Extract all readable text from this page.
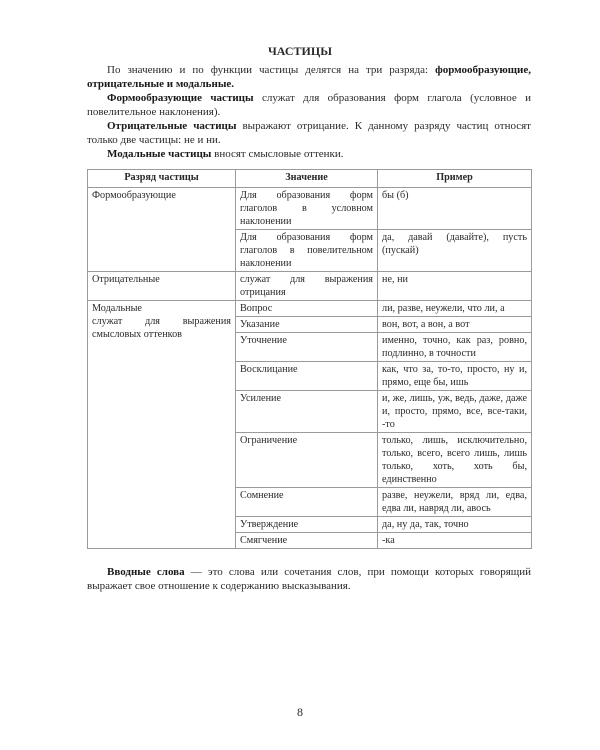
ЧАСТИЦЫ

По значению и по функции частицы делятся на три разряда: формообразующие, отрицательные и модальные.

Формообразующие частицы служат для образования форм глагола (условное и повелительное наклонения).

Отрицательные частицы выражают отрицание. К данному разряду частиц относят только две частицы: не и ни.

Модальные частицы вносят смысловые оттенки.

Разряд частицы	Значение	Пример
Формообразующие	Для образования форм глаголов в условном наклонении	бы (б)
	Для образования форм глаголов в повелительном наклонении	да, давай (давайте), пусть (пускай)
Отрицательные	служат для выражения отрицания	не, ни

Модальные
служат для выражения смысловых оттенков	Вопрос	ли, разве, неужели, что ли, а
	Указание	вон, вот, а вон, а вот
	Уточнение	именно, точно, как раз, ровно, подлинно, в точности
	Восклицание	как, что за, то-то, просто, ну и, прямо, еще бы, ишь
	Усиление	и, же, лишь, уж, ведь, даже, даже и, просто, прямо, все, все-таки, -то
	Ограничение	только, лишь, исключительно, только, всего, всего лишь, лишь только, хоть, хоть бы, единственно
	Сомнение	разве, неужели, вряд ли, едва, едва ли, навряд ли, авось
	Утверждение	да, ну да, так, точно
	Смягчение	-ка

Вводные слова — это слова или сочетания слов, при помощи которых говорящий выражает свое отношение к содержанию высказывания.

8
